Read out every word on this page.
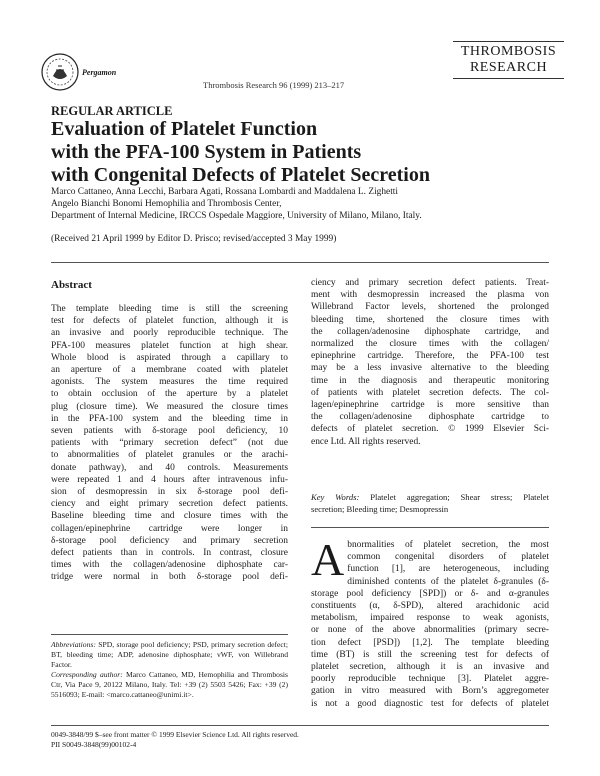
Pergamon
Thrombosis Research 96 (1999) 213–217
THROMBOSIS
RESEARCH
REGULAR ARTICLE
Evaluation of Platelet Function
with the PFA-100 System in Patients
with Congenital Defects of Platelet Secretion
Marco Cattaneo, Anna Lecchi, Barbara Agati, Rossana Lombardi and Maddalena L. Zighetti
Angelo Bianchi Bonomi Hemophilia and Thrombosis Center,
Department of Internal Medicine, IRCCS Ospedale Maggiore, University of Milano, Milano, Italy.
(Received 21 April 1999 by Editor D. Prisco; revised/accepted 3 May 1999)
Abstract
The template bleeding time is still the screening
test for defects of platelet function, although it is
an invasive and poorly reproducible technique. The
PFA-100 measures platelet function at high shear.
Whole blood is aspirated through a capillary to
an aperture of a membrane coated with platelet
agonists. The system measures the time required
to obtain occlusion of the aperture by a platelet
plug (closure time). We measured the closure times
in the PFA-100 system and the bleeding time in
seven patients with δ-storage pool deficiency, 10
patients with “primary secretion defect” (not due
to abnormalities of platelet granules or the arachi-
donate pathway), and 40 controls. Measurements
were repeated 1 and 4 hours after intravenous infu-
sion of desmopressin in six δ-storage pool defi-
ciency and eight primary secretion defect patients.
Baseline bleeding time and closure times with the
collagen/epinephrine cartridge were longer in
δ-storage pool deficiency and primary secretion
defect patients than in controls. In contrast, closure
times with the collagen/adenosine diphosphate car-
tridge were normal in both δ-storage pool defi-
ciency and primary secretion defect patients. Treat-
ment with desmopressin increased the plasma von
Willebrand Factor levels, shortened the prolonged
bleeding time, shortened the closure times with
the collagen/adenosine diphosphate cartridge, and
normalized the closure times with the collagen/
epinephrine cartridge. Therefore, the PFA-100 test
may be a less invasive alternative to the bleeding
time in the diagnosis and therapeutic monitoring
of patients with platelet secretion defects. The col-
lagen/epinephrine cartridge is more sensitive than
the collagen/adenosine diphosphate cartridge to
defects of platelet secretion. © 1999 Elsevier Sci-
ence Ltd. All rights reserved.
Key Words: Platelet aggregation; Shear stress; Platelet
secretion; Bleeding time; Desmopressin
A bnormalities of platelet secretion, the most
common congenital disorders of platelet
function [1], are heterogeneous, including
diminished contents of the platelet δ-granules (δ-
storage pool deficiency [SPD]) or δ- and α-granules
constituents (α, δ-SPD), altered arachidonic acid
metabolism, impaired response to weak agonists,
or none of the above abnormalities (primary secre-
tion defect [PSD]) [1,2]. The template bleeding
time (BT) is still the screening test for defects of
platelet secretion, although it is an invasive and
poorly reproducible technique [3]. Platelet aggre-
gation in vitro measured with Born’s aggregometer
is not a good diagnostic test for defects of platelet

Abbreviations: SPD, storage pool deficiency; PSD, primary secretion defect; BT, bleeding time; ADP, adenosine diphosphate; vWF, von Willebrand Factor.

Corresponding author: Marco Cattaneo, MD, Hemophilia and Thrombosis Ctr, Via Pace 9, 20122 Milano, Italy. Tel: +39 (2) 5503 5426; Fax: +39 (2) 5516093; E-mail: <marco.cattaneo@unimi.it>.

0049-3848/99 $–see front matter © 1999 Elsevier Science Ltd. All rights reserved.
PII S0049-3848(99)00102-4
